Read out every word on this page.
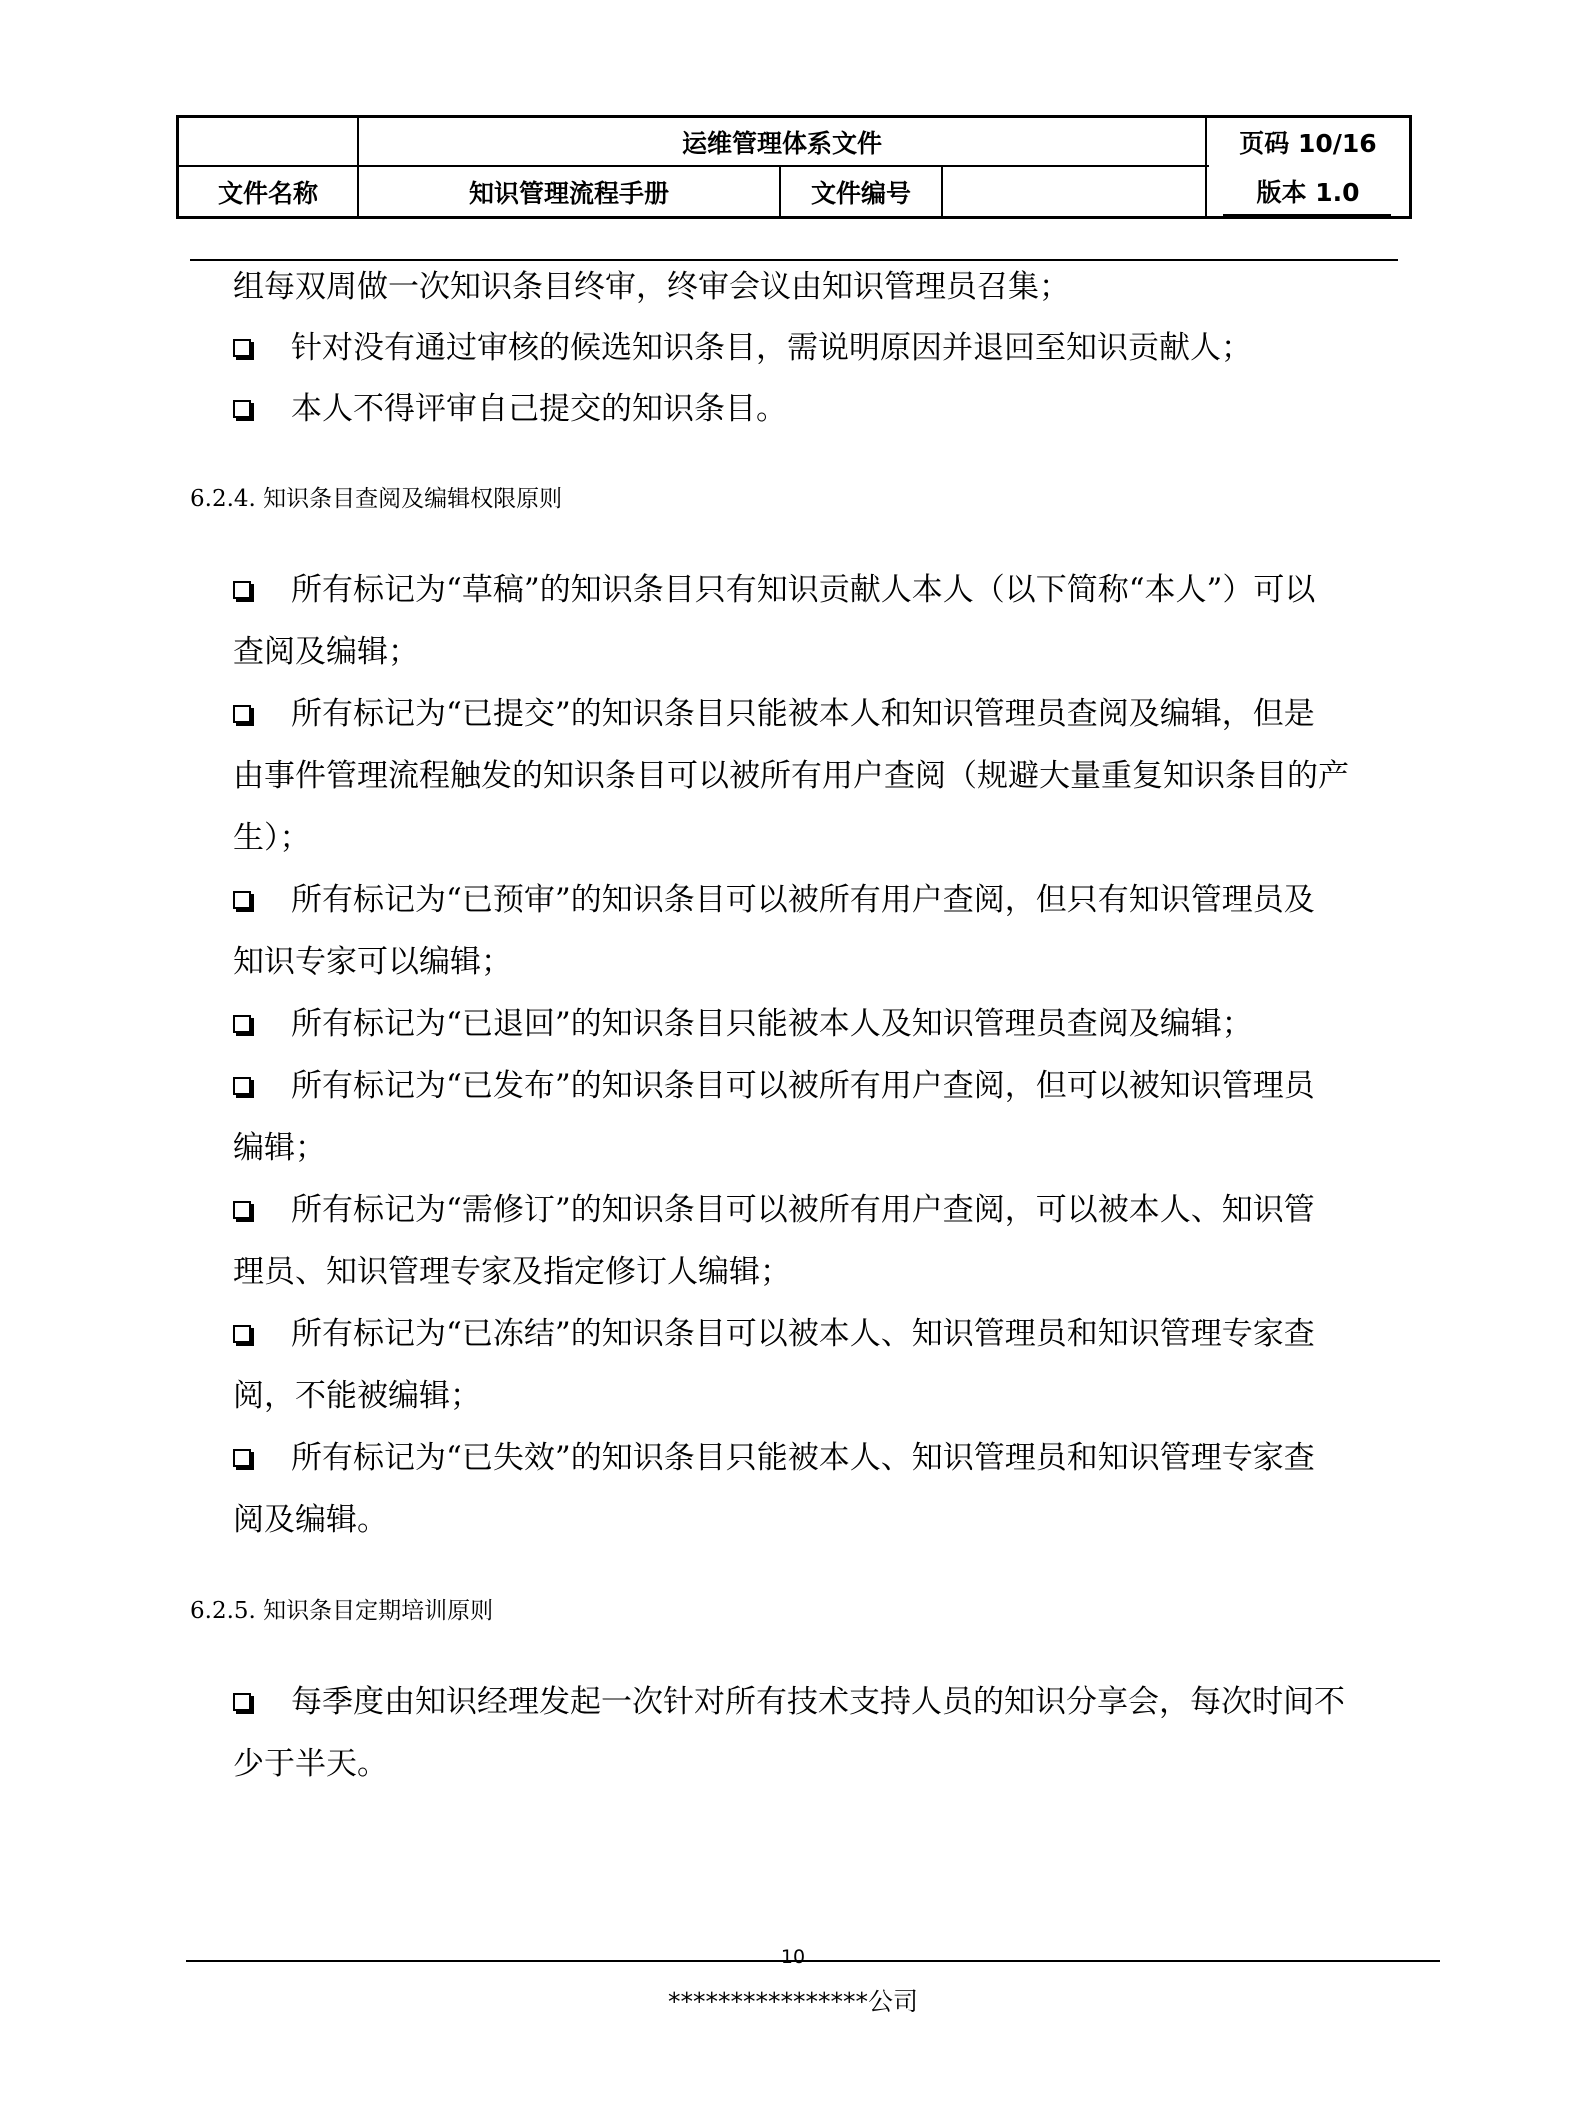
运维管理体系文件	页码 10/16
文件名称	知识管理流程手册	文件编号	版本 1.0
组每双周做一次知识条目终审，终审会议由知识管理员召集；
针对没有通过审核的候选知识条目，需说明原因并退回至知识贡献人；
本人不得评审自己提交的知识条目。
6.2.4. 知识条目查阅及编辑权限原则
所有标记为“草稿”的知识条目只有知识贡献人本人（以下简称“本人”）可以
查阅及编辑；
所有标记为“已提交”的知识条目只能被本人和知识管理员查阅及编辑，但是
由事件管理流程触发的知识条目可以被所有用户查阅（规避大量重复知识条目的产
生）；
所有标记为“已预审”的知识条目可以被所有用户查阅，但只有知识管理员及
知识专家可以编辑；
所有标记为“已退回”的知识条目只能被本人及知识管理员查阅及编辑；
所有标记为“已发布”的知识条目可以被所有用户查阅，但可以被知识管理员
编辑；
所有标记为“需修订”的知识条目可以被所有用户查阅，可以被本人、知识管
理员、知识管理专家及指定修订人编辑；
所有标记为“已冻结”的知识条目可以被本人、知识管理员和知识管理专家查
阅，不能被编辑；
所有标记为“已失效”的知识条目只能被本人、知识管理员和知识管理专家查
阅及编辑。
6.2.5. 知识条目定期培训原则
每季度由知识经理发起一次针对所有技术支持人员的知识分享会，每次时间不
少于半天。
10
****************公司
